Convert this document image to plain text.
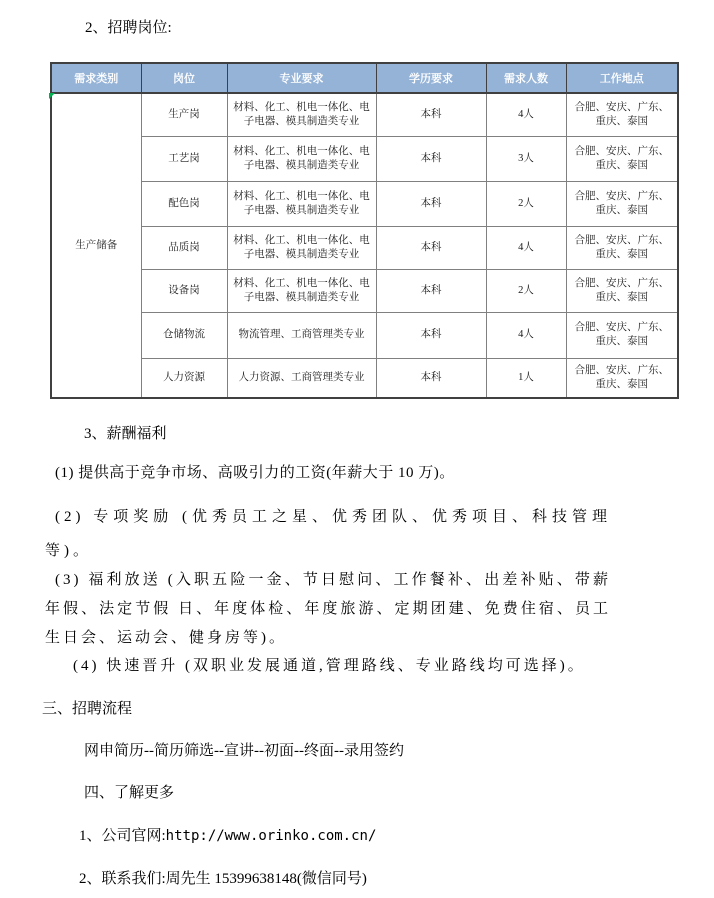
2、招聘岗位:
需求类别	岗位	专业要求	学历要求	需求人数	工作地点
生产储备	生产岗	材料、化工、机电一体化、电子电器、模具制造类专业	本科	4人	合肥、安庆、广东、 重庆、泰国
	工艺岗	材料、化工、机电一体化、电子电器、模具制造类专业	本科	3人	合肥、安庆、广东、 重庆、泰国
	配色岗	材料、化工、机电一体化、电子电器、模具制造类专业	本科	2人	合肥、安庆、广东、 重庆、泰国
	品质岗	材料、化工、机电一体化、电子电器、模具制造类专业	本科	4人	合肥、安庆、广东、 重庆、泰国
	设备岗	材料、化工、机电一体化、电子电器、模具制造类专业	本科	2人	合肥、安庆、广东、 重庆、泰国
	仓储物流	物流管理、工商管理类专业	本科	4人	合肥、安庆、广东、 重庆、泰国
	人力资源	人力资源、工商管理类专业	本科	1人	合肥、安庆、广东、 重庆、泰国
3、薪酬福利
(1) 提供高于竞争市场、高吸引力的工资(年薪大于 10 万)。
(2) 专项奖励 (优秀员工之星、优秀团队、优秀项目、科技管理等)。
(3) 福利放送 (入职五险一金、节日慰问、工作餐补、出差补贴、带薪年假、法定节假 日、年度体检、年度旅游、定期团建、免费住宿、员工生日会、运动会、健身房等)。
(4) 快速晋升 (双职业发展通道,管理路线、专业路线均可选择)。
三、招聘流程
网申简历--简历筛选--宣讲--初面--终面--录用签约
四、了解更多
1、公司官网:http://www.orinko.com.cn/
2、联系我们:周先生 15399638148(微信同号)
